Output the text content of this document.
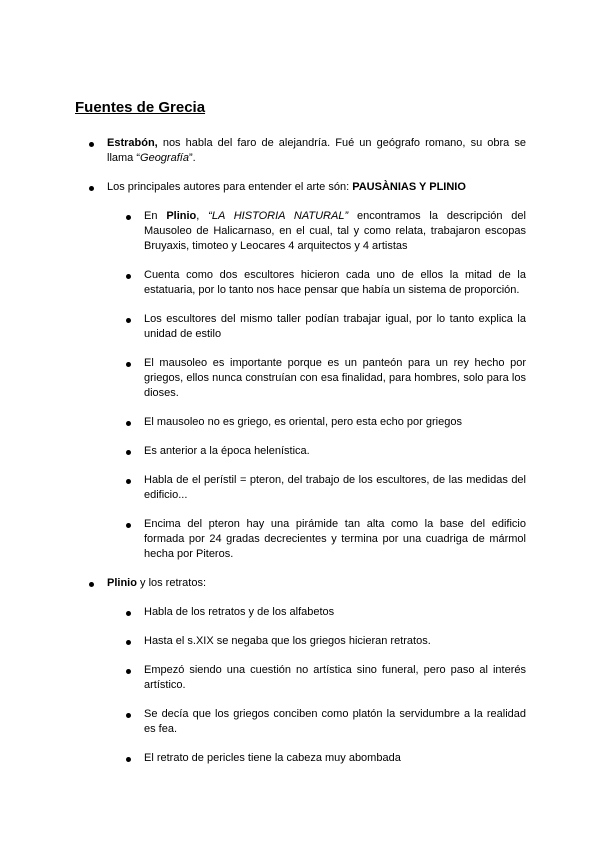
Fuentes de Grecia

Estrabón, nos habla del faro de alejandría. Fué un geógrafo romano, su obra se llama “Geografía”.

Los principales autores para entender el arte són: PAUSÀNIAS Y PLINIO

En Plinio, “LA HISTORIA NATURAL” encontramos la descripción del Mausoleo de Halicarnaso, en el cual, tal y como relata, trabajaron escopas Bruyaxis, timoteo y Leocares 4 arquitectos y 4 artistas

Cuenta como dos escultores hicieron cada uno de ellos la mitad de la estatuaria, por lo tanto nos hace pensar que había un sistema de proporción.

Los escultores del mismo taller podían trabajar igual, por lo tanto explica la unidad de estilo

El mausoleo es importante porque es un panteón para un rey hecho por griegos, ellos nunca construían con esa finalidad, para hombres, solo para los dioses.

El mausoleo no es griego, es oriental, pero esta echo por griegos

Es anterior a la época helenística.

Habla de el perístil = pteron, del trabajo de los escultores, de las medidas del edificio...

Encima del pteron hay una pirámide tan alta como la base del edificio formada por 24 gradas decrecientes y termina por una cuadriga de mármol hecha por Piteros.

Plinio y los retratos:

Habla de los retratos y de los alfabetos

Hasta el s.XIX se negaba que los griegos hicieran retratos.

Empezó siendo una cuestión no artística sino funeral, pero paso al interés artístico.

Se decía que los griegos conciben como platón la servidumbre a la realidad es fea.

El retrato de pericles tiene la cabeza muy abombada
